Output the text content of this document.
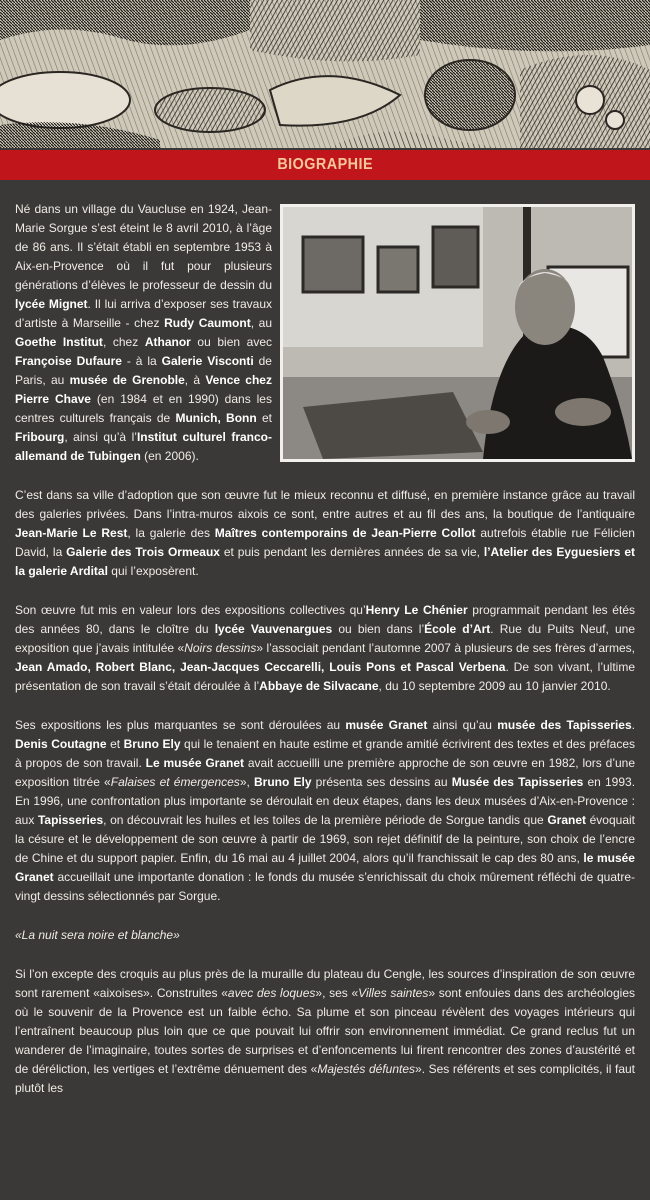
BIOGRAPHIE

Né dans un village du Vaucluse en 1924, Jean-Marie Sorgue s’est éteint le 8 avril 2010, à l’âge de 86 ans. Il s’était établi en septembre 1953 à Aix-en-Provence où il fut pour plusieurs générations d’élèves le professeur de dessin du lycée Mignet. Il lui arriva d’exposer ses travaux d’artiste à Marseille - chez Rudy Caumont, au Goethe Institut, chez Athanor ou bien avec Françoise Dufaure - à la Galerie Visconti de Paris, au musée de Grenoble, à Vence chez Pierre Chave (en 1984 et en 1990) dans les centres culturels français de Munich, Bonn et Fribourg, ainsi qu’à l’Institut culturel franco-allemand de Tubingen (en 2006).

C’est dans sa ville d’adoption que son œuvre fut le mieux reconnu et diffusé, en première instance grâce au travail des galeries privées. Dans l’intra-muros aixois ce sont, entre autres et au fil des ans, la boutique de l’antiquaire Jean-Marie Le Rest, la galerie des Maîtres contemporains de Jean-Pierre Collot autrefois établie rue Félicien David, la Galerie des Trois Ormeaux et puis pendant les dernières années de sa vie, l’Atelier des Eyguesiers et la galerie Ardital qui l’exposèrent.

Son œuvre fut mis en valeur lors des expositions collectives qu’Henry Le Chénier programmait pendant les étés des années 80, dans le cloître du lycée Vauvenargues ou bien dans l’École d’Art. Rue du Puits Neuf, une exposition que j’avais intitulée «Noirs dessins» l’associait pendant l’automne 2007 à plusieurs de ses frères d’armes, Jean Amado, Robert Blanc, Jean-Jacques Ceccarelli, Louis Pons et Pascal Verbena. De son vivant, l’ultime présentation de son travail s’était déroulée à l’Abbaye de Silvacane, du 10 septembre 2009 au 10 janvier 2010.

Ses expositions les plus marquantes se sont déroulées au musée Granet ainsi qu’au musée des Tapisseries. Denis Coutagne et Bruno Ely qui le tenaient en haute estime et grande amitié écrivirent des textes et des préfaces à propos de son travail. Le musée Granet avait accueilli une première approche de son œuvre en 1982, lors d’une exposition titrée «Falaises et émergences», Bruno Ely présenta ses dessins au Musée des Tapisseries en 1993. En 1996, une confrontation plus importante se déroulait en deux étapes, dans les deux musées d’Aix-en-Provence : aux Tapisseries, on découvrait les huiles et les toiles de la première période de Sorgue tandis que Granet évoquait la césure et le développement de son œuvre à partir de 1969, son rejet définitif de la peinture, son choix de l’encre de Chine et du support papier. Enfin, du 16 mai au 4 juillet 2004, alors qu’il franchissait le cap des 80 ans, le musée Granet accueillait une importante donation : le fonds du musée s’enrichissait du choix mûrement réfléchi de quatre-vingt dessins sélectionnés par Sorgue.

«La nuit sera noire et blanche»

Si l’on excepte des croquis au plus près de la muraille du plateau du Cengle, les sources d’inspiration de son œuvre sont rarement «aixoises». Construites «avec des loques», ses «Villes saintes» sont enfouies dans des archéologies où le souvenir de la Provence est un faible écho. Sa plume et son pinceau révèlent des voyages intérieurs qui l’entraînent beaucoup plus loin que ce que pouvait lui offrir son environnement immédiat. Ce grand reclus fut un wanderer de l’imaginaire, toutes sortes de surprises et d’enfoncements lui firent rencontrer des zones d’austérité et de déréliction, les vertiges et l’extrême dénuement des «Majestés défuntes». Ses référents et ses complicités, il faut plutôt les
